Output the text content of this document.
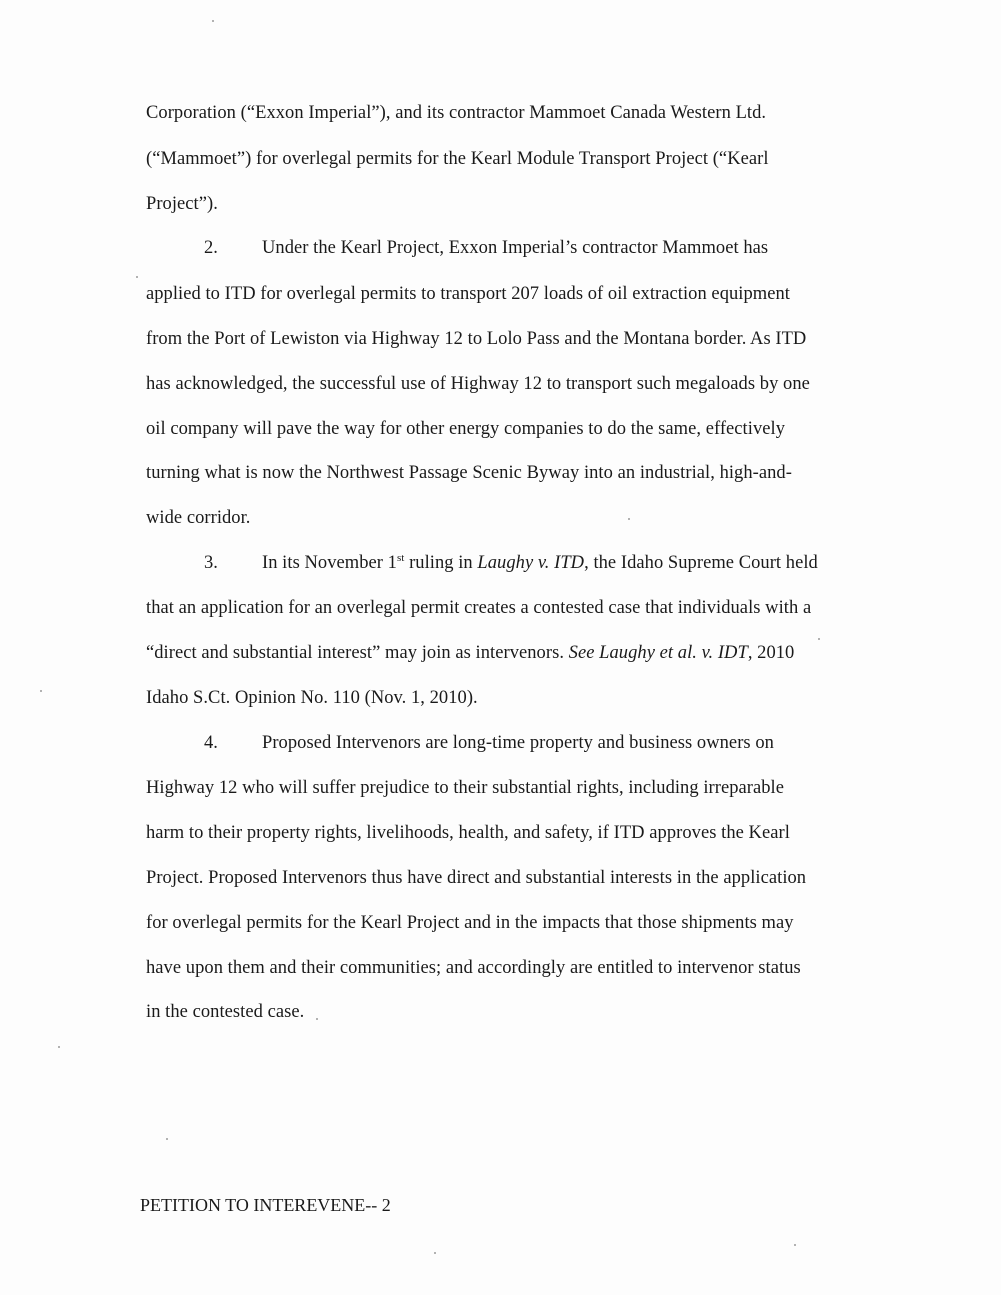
Corporation (“Exxon Imperial”), and its contractor Mammoet Canada Western Ltd.
(“Mammoet”) for overlegal permits for the Kearl Module Transport Project (“Kearl
Project”).
2. Under the Kearl Project, Exxon Imperial’s contractor Mammoet has
applied to ITD for overlegal permits to transport 207 loads of oil extraction equipment
from the Port of Lewiston via Highway 12 to Lolo Pass and the Montana border. As ITD
has acknowledged, the successful use of Highway 12 to transport such megaloads by one
oil company will pave the way for other energy companies to do the same, effectively
turning what is now the Northwest Passage Scenic Byway into an industrial, high-and-
wide corridor.
3. In its November 1st ruling in Laughy v. ITD, the Idaho Supreme Court held
that an application for an overlegal permit creates a contested case that individuals with a
“direct and substantial interest” may join as intervenors. See Laughy et al. v. IDT, 2010
Idaho S.Ct. Opinion No. 110 (Nov. 1, 2010).
4. Proposed Intervenors are long-time property and business owners on
Highway 12 who will suffer prejudice to their substantial rights, including irreparable
harm to their property rights, livelihoods, health, and safety, if ITD approves the Kearl
Project. Proposed Intervenors thus have direct and substantial interests in the application
for overlegal permits for the Kearl Project and in the impacts that those shipments may
have upon them and their communities; and accordingly are entitled to intervenor status
in the contested case.
PETITION TO INTEREVENE-- 2
